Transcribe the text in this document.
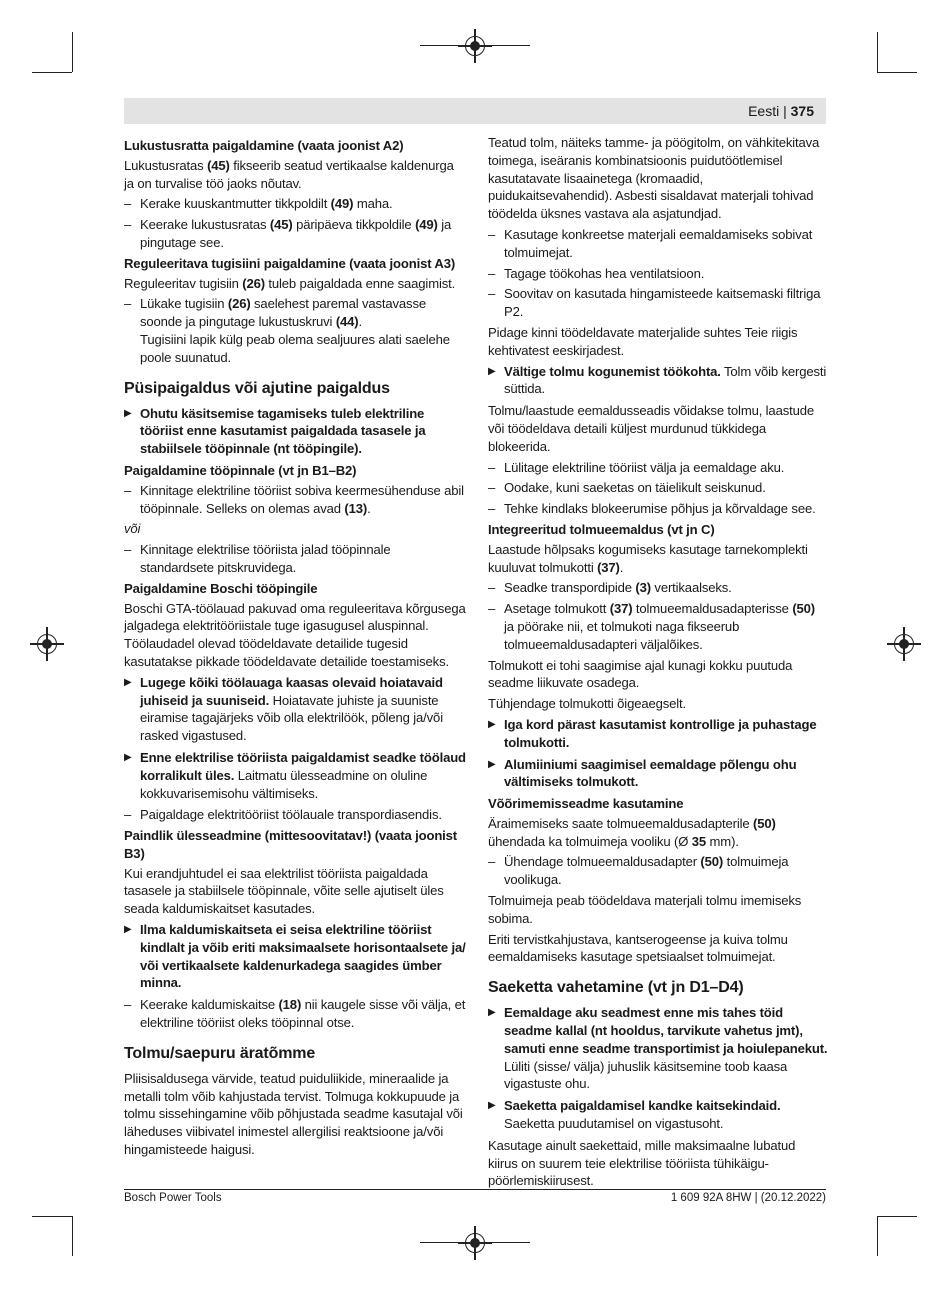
Eesti | 375
Lukustusratta paigaldamine (vaata joonist A2)

Lukustusratas (45) fikseerib seatud vertikaalse kaldenurga ja on turvalise töö jaoks nõutav.

– Kerake kuuskantmutter tikkpoldilt (49) maha.

– Keerake lukustusratas (45) päripäeva tikkpoldile (49) ja pingutage see.

Reguleeritava tugisiini paigaldamine (vaata joonist A3)

Reguleeritav tugisiin (26) tuleb paigaldada enne saagimist.

– Lükake tugisiin (26) saelehest paremal vastavasse soonde ja pingutage lukustuskruvi (44).
Tugisiini lapik külg peab olema sealjuures alati saelehe poole suunatud.

Püsipaigaldus või ajutine paigaldus

▶ Ohutu käsitsemise tagamiseks tuleb elektriline tööriist enne kasutamist paigaldada tasasele ja stabiilsele tööpinnale (nt tööpingile).

Paigaldamine tööpinnale (vt jn B1–B2)

– Kinnitage elektriline tööriist sobiva keermesühenduse abil tööpinnale. Selleks on olemas avad (13).

või

– Kinnitage elektrilise tööriista jalad tööpinnale standardsete pitskruvidega.

Paigaldamine Boschi tööpingile

Boschi GTA-töölauad pakuvad oma reguleeritava kõrgusega jalgadega elektritööriistale tuge igasugusel aluspinnal. Töölaudadel olevad töödeldavate detailide tugesid kasutatakse pikkade töödeldavate detailide toestamiseks.

▶ Lugege kõiki töölauaga kaasas olevaid hoiatavaid juhiseid ja suuniseid. Hoiatavate juhiste ja suuniste eiramise tagajärjeks võib olla elektrilöök, põleng ja/või rasked vigastused.

▶ Enne elektrilise tööriista paigaldamist seadke töölaud korralikult üles. Laitmatu ülesseadmine on oluline kokkuvarisemisohu vältimiseks.

– Paigaldage elektritööriist töölauale transpordiasendis.

Paindlik ülesseadmine (mittesoovitatav!) (vaata joonist B3)

Kui erandjuhtudel ei saa elektrilist tööriista paigaldada tasasele ja stabiilsele tööpinnale, võite selle ajutiselt üles seada kaldumiskaitset kasutades.

▶ Ilma kaldumiskaitseta ei seisa elektriline tööriist kindlalt ja võib eriti maksimaalsete horisontaalsete ja/ või vertikaalsete kaldenurkadega saagides ümber minna.

– Keerake kaldumiskaitse (18) nii kaugele sisse või välja, et elektriline tööriist oleks tööpinnal otse.

Tolmu/saepuru äratõmme

Pliisisaldusega värvide, teatud puiduliikide, mineraalide ja metalli tolm võib kahjustada tervist. Tolmuga kokkupuude ja tolmu sissehingamine võib põhjustada seadme kasutajal või läheduses viibivatel inimestel allergilisi reaktsioone ja/või hingamisteede haigusi.

Teatud tolm, näiteks tamme- ja pöögitolm, on vähkitekitava toimega, iseäranis kombinatsioonis puidutöötlemisel kasutatavate lisaainetega (kromaadid, puidukaitsevahendid). Asbesti sisaldavat materjali tohivad töödelda üksnes vastava ala asjatundjad.

– Kasutage konkreetse materjali eemaldamiseks sobivat tolmuimejat.

– Tagage töökohas hea ventilatsioon.

– Soovitav on kasutada hingamisteede kaitsemaski filtriga P2.

Pidage kinni töödeldavate materjalide suhtes Teie riigis kehtivatest eeskirjadest.

▶ Vältige tolmu kogunemist töökohta. Tolm võib kergesti süttida.

Tolmu/laastude eemaldusseadis võidakse tolmu, laastude või töödeldava detaili küljest murdunud tükkidega blokeerida.

– Lülitage elektriline tööriist välja ja eemaldage aku.

– Oodake, kuni saeketas on täielikult seiskunud.

– Tehke kindlaks blokeerumise põhjus ja kõrvaldage see.

Integreeritud tolmueemaldus (vt jn C)

Laastude hõlpsaks kogumiseks kasutage tarnekomplekti kuuluvat tolmukotti (37).

– Seadke transpordipide (3) vertikaalseks.

– Asetage tolmukott (37) tolmueemaldusadapterisse (50) ja pöörake nii, et tolmukoti naga fikseerub tolmueemaldusadapteri väljalõikes.

Tolmukott ei tohi saagimise ajal kunagi kokku puutuda seadme liikuvate osadega.

Tühjendage tolmukotti õigeaegselt.

▶ Iga kord pärast kasutamist kontrollige ja puhastage tolmukotti.

▶ Alumiiniumi saagimisel eemaldage põlengu ohu vältimiseks tolmukott.

Võõrimemisseadme kasutamine

Äraimemiseks saate tolmueemaldusadapterile (50) ühendada ka tolmuimeja vooliku (Ø 35 mm).

– Ühendage tolmueemaldusadapter (50) tolmuimeja voolikuga.

Tolmuimeja peab töödeldava materjali tolmu imemiseks sobima.

Eriti tervistkahjustava, kantserogeense ja kuiva tolmu eemaldamiseks kasutage spetsiaalset tolmuimejat.

Saeketta vahetamine (vt jn D1–D4)

▶ Eemaldage aku seadmest enne mis tahes töid seadme kallal (nt hooldus, tarvikute vahetus jmt), samuti enne seadme transportimist ja hoiulepanekut. Lüliti (sisse/ välja) juhuslik käsitsemine toob kaasa vigastuste ohu.

▶ Saeketta paigaldamisel kandke kaitsekindaid. Saeketta puudutamisel on vigastusoht.

Kasutage ainult saekettaid, mille maksimaalne lubatud kiirus on suurem teie elektrilise tööriista tühikäigu- pöörlemiskiirusest.

Bosch Power Tools	1 609 92A 8HW | (20.12.2022)
